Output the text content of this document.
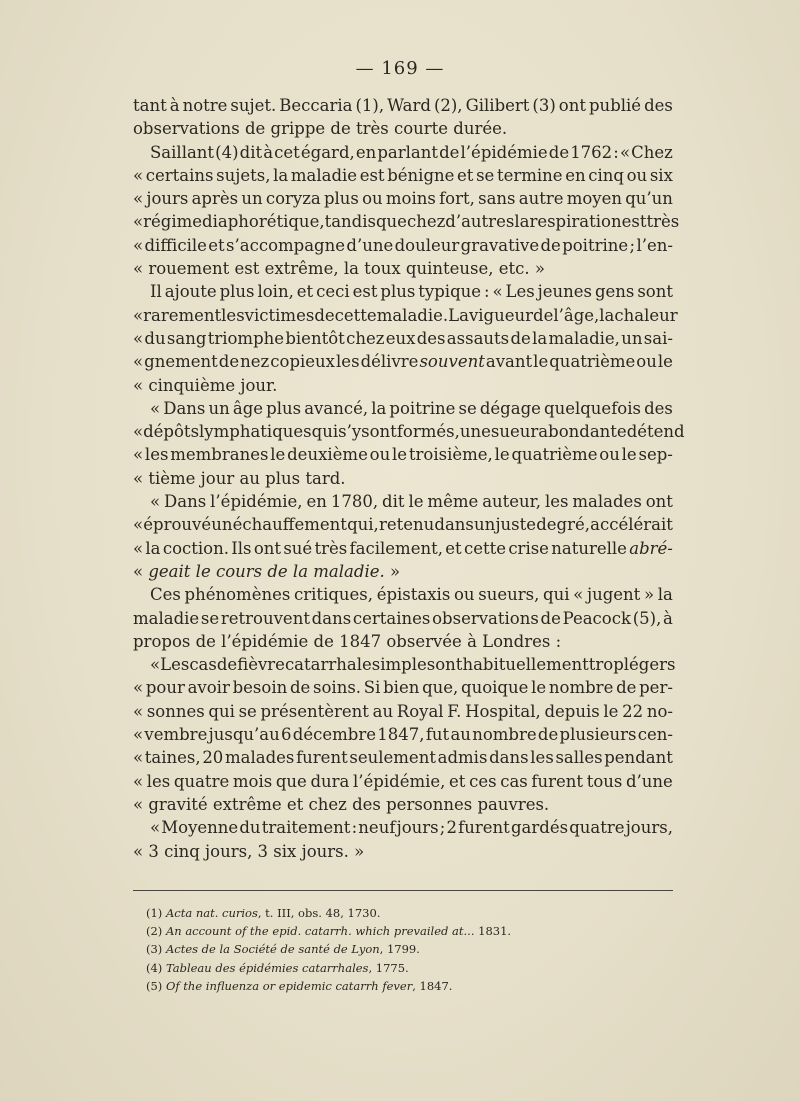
— 169 —
tant à notre sujet. Beccaria (1), Ward (2), Gilibert (3) ont publié des
observations de grippe de très courte durée.
Saillant (4) dit à cet égard, en parlant de l’épidémie de 1762 : « Chez
« certains sujets, la maladie est bénigne et se termine en cinq ou six
« jours après un coryza plus ou moins fort, sans autre moyen qu’un
« régime diaphorétique, tandis que chez d’autres la respiration est très
« difficile et s’accompagne d’une douleur gravative de poitrine ; l’en-
« rouement est extrême, la toux quinteuse, etc. »
Il ajoute plus loin, et ceci est plus typique : « Les jeunes gens sont
« rarement les victimes de cette maladie. La vigueur de l’âge, la chaleur
« du sang triomphe bientôt chez eux des assauts de la maladie, un sai-
« gnement de nez copieux les délivre souvent avant le quatrième ou le
« cinquième jour.
« Dans un âge plus avancé, la poitrine se dégage quelquefois des
« dépôts lymphatiques qui s’y sont formés, une sueur abondante détend
« les membranes le deuxième ou le troisième, le quatrième ou le sep-
« tième jour au plus tard.
« Dans l’épidémie, en 1780, dit le même auteur, les malades ont
« éprouvé un échauffement qui, retenu dans un juste degré, accélérait
« la coction. Ils ont sué très facilement, et cette crise naturelle abré-
« geait le cours de la maladie. »
Ces phénomènes critiques, épistaxis ou sueurs, qui « jugent » la
maladie se retrouvent dans certaines observations de Peacock (5), à
propos de l’épidémie de 1847 observée à Londres :
« Les cas de fièvre catarrhale simple sont habituellement trop légers
« pour avoir besoin de soins. Si bien que, quoique le nombre de per-
« sonnes qui se présentèrent au Royal F. Hospital, depuis le 22 no-
« vembre jusqu’au 6 décembre 1847, fut au nombre de plusieurs cen-
« taines, 20 malades furent seulement admis dans les salles pendant
« les quatre mois que dura l’épidémie, et ces cas furent tous d’une
« gravité extrême et chez des personnes pauvres.
« Moyenne du traitement : neuf jours ; 2 furent gardés quatre jours,
« 3 cinq jours, 3 six jours. »
(1) Acta nat. curios, t. III, obs. 48, 1730.
(2) An account of the epid. catarrh. which prevailed at... 1831.
(3) Actes de la Société de santé de Lyon, 1799.
(4) Tableau des épidémies catarrhales, 1775.
(5) Of the influenza or epidemic catarrh fever, 1847.
